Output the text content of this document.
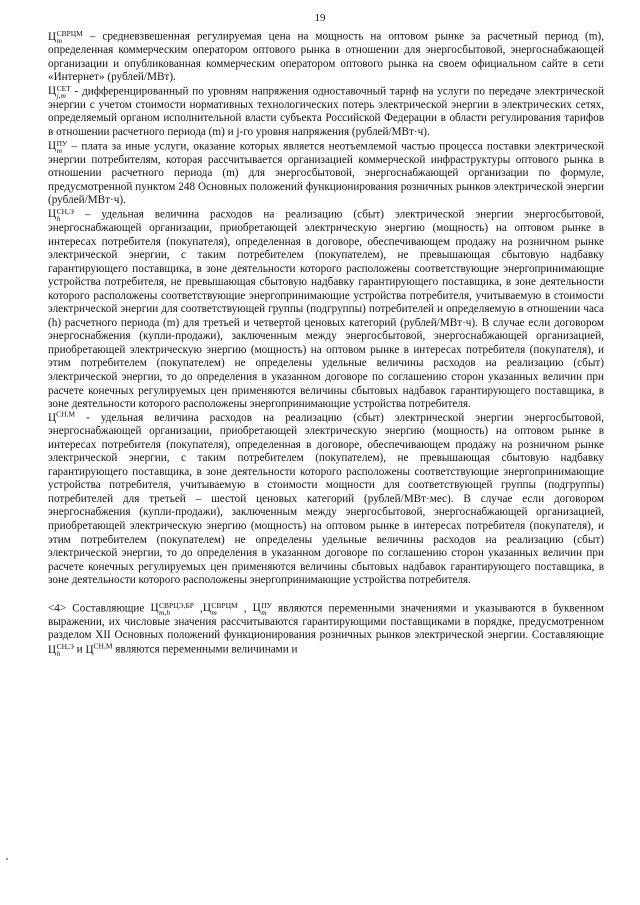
19

Ц СВРЦМ
m	– средневзвешенная регулируемая цена на мощность на оптовом рынке за расчетный период (m), определенная коммерческим оператором оптового рынка в отношении для энергосбытовой, энергоснабжающей организации и опубликованная коммерческим оператором оптового рынка на своем официальном сайте в сети «Интернет» (рублей/МВт).

Ц СЕТ
j,m - дифференцированный по уровням напряжения одноставочный тариф на услуги по передаче электрической энергии с учетом стоимости нормативных технологических потерь электрической энергии в электрических сетях, определяемый органом исполнительной власти субъекта Российской Федерации в области регулирования тарифов в отношении расчетного периода (m) и j-го уровня напряжения (рублей/МВт·ч).

Ц ПУ
m – плата за иные услуги, оказание которых является неотъемлемой частью процесса поставки электрической энергии потребителям, которая рассчитывается организацией коммерческой инфраструктуры оптового рынка в отношении расчетного периода (m) для энергосбытовой, энергоснабжающей организации по формуле, предусмотренной пунктом 248 Основных положений функционирования розничных рынков электрической энергии (рублей/МВт·ч).

Ц СН,Э
h	– удельная величина расходов на реализацию (сбыт) электрической энергии энергосбытовой, энергоснабжающей организации, приобретающей электрическую энергию (мощность) на оптовом рынке в интересах потребителя (покупателя), определенная в договоре, обеспечивающем продажу на розничном рынке электрической энергии, с таким потребителем (покупателем), не превышающая сбытовую надбавку гарантирующего поставщика, в зоне деятельности которого расположены соответствующие энергопринимающие устройства потребителя, не превышающая сбытовую надбавку гарантирующего поставщика, в зоне деятельности которого расположены соответствующие энергопринимающие устройства потребителя, учитываемую в стоимости электрической энергии для соответствующей группы (подгруппы) потребителей и определяемую в отношении часа (h) расчетного периода (m) для третьей и четвертой ценовых категорий (рублей/МВт·ч). В случае если договором энергоснабжения (купли-продажи), заключенным между энергосбытовой, энергоснабжающей организацией, приобретающей электрическую энергию (мощность) на оптовом рынке в интересах потребителя (покупателя), и этим потребителем (покупателем) не определены удельные величины расходов на реализацию (сбыт) электрической энергии, то до определения в указанном договоре по соглашению сторон указанных величин при расчете конечных регулируемых цен применяются величины сбытовых надбавок гарантирующего поставщика, в зоне деятельности которого расположены энергопринимающие устройства потребителя.

$Ц^{СН,М}$ - удельная величина расходов на реализацию (сбыт) электрической энергии энергосбытовой, энергоснабжающей организации, приобретающей электрическую энергию (мощность) на оптовом рынке в интересах потребителя (покупателя), определенная в договоре, обеспечивающем продажу на розничном рынке электрической энергии, с таким потребителем (покупателем), не превышающая сбытовую надбавку гарантирующего поставщика, в зоне деятельности которого расположены соответствующие энергопринимающие устройства потребителя, учитываемую в стоимости мощности для соответствующей группы (подгруппы) потребителей для третьей – шестой ценовых категорий (рублей/МВт·мес). В случае если договором энергоснабжения (купли-продажи), заключенным между энергосбытовой, энергоснабжающей организацией, приобретающей электрическую энергию (мощность) на оптовом рынке в интересах потребителя (покупателя), и этим потребителем (покупателем) не определены удельные величины расходов на реализацию (сбыт) электрической энергии, то до определения в указанном договоре по соглашению сторон указанных величин при расчете конечных регулируемых цен применяются величины сбытовых надбавок гарантирующего поставщика, в зоне деятельности которого расположены энергопринимающие устройства потребителя.

<4> Составляющие Ц СВРЦЭ,БР
m,h	,Ц СВРЦМ
m	, Ц ПУ
m являются переменными значениями и указываются в буквенном выражении, их числовые значения рассчитываются гарантирующими поставщиками в порядке, предусмотренном разделом XII Основных положений функционирования розничных рынков электрической энергии. Составляющие Ц СН,Э
h	и $Ц^{СН,М}$ являются переменными величинами и
